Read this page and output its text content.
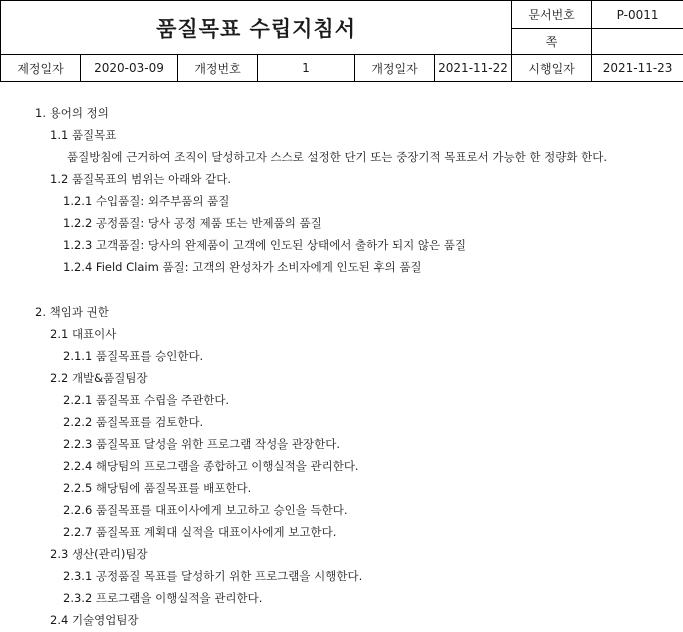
품질목표 수립지침서						문서번호	P-0011
						쪽	
제정일자	2020-03-09	개정번호	1	개정일자	2021-11-22	시행일자	2021-11-23
1. 용어의 정의
1.1 품질목표
품질방침에 근거하여 조직이 달성하고자 스스로 설정한 단기 또는 중장기적 목표로서 가능한 한 정량화 한다.
1.2 품질목표의 범위는 아래와 같다.
1.2.1 수입품질: 외주부품의 품질
1.2.2 공정품질: 당사 공정 제품 또는 반제품의 품질
1.2.3 고객품질: 당사의 완제품이 고객에 인도된 상태에서 출하가 되지 않은 품질
1.2.4 Field Claim 품질: 고객의 완성차가 소비자에게 인도된 후의 품질
2. 책임과 권한
2.1 대표이사
2.1.1 품질목표를 승인한다.
2.2 개발&품질팀장
2.2.1 품질목표 수립을 주관한다.
2.2.2 품질목표를 검토한다.
2.2.3 품질목표 달성을 위한 프로그램 작성을 관장한다.
2.2.4 해당팀의 프로그램을 종합하고 이행실적을 관리한다.
2.2.5 해당팀에 품질목표를 배포한다.
2.2.6 품질목표를 대표이사에게 보고하고 승인을 득한다.
2.2.7 품질목표 계획대 실적을 대표이사에게 보고한다.
2.3 생산(관리)팀장
2.3.1 공정품질 목표를 달성하기 위한 프로그램을 시행한다.
2.3.2 프로그램을 이행실적을 관리한다.
2.4 기술영업팀장
